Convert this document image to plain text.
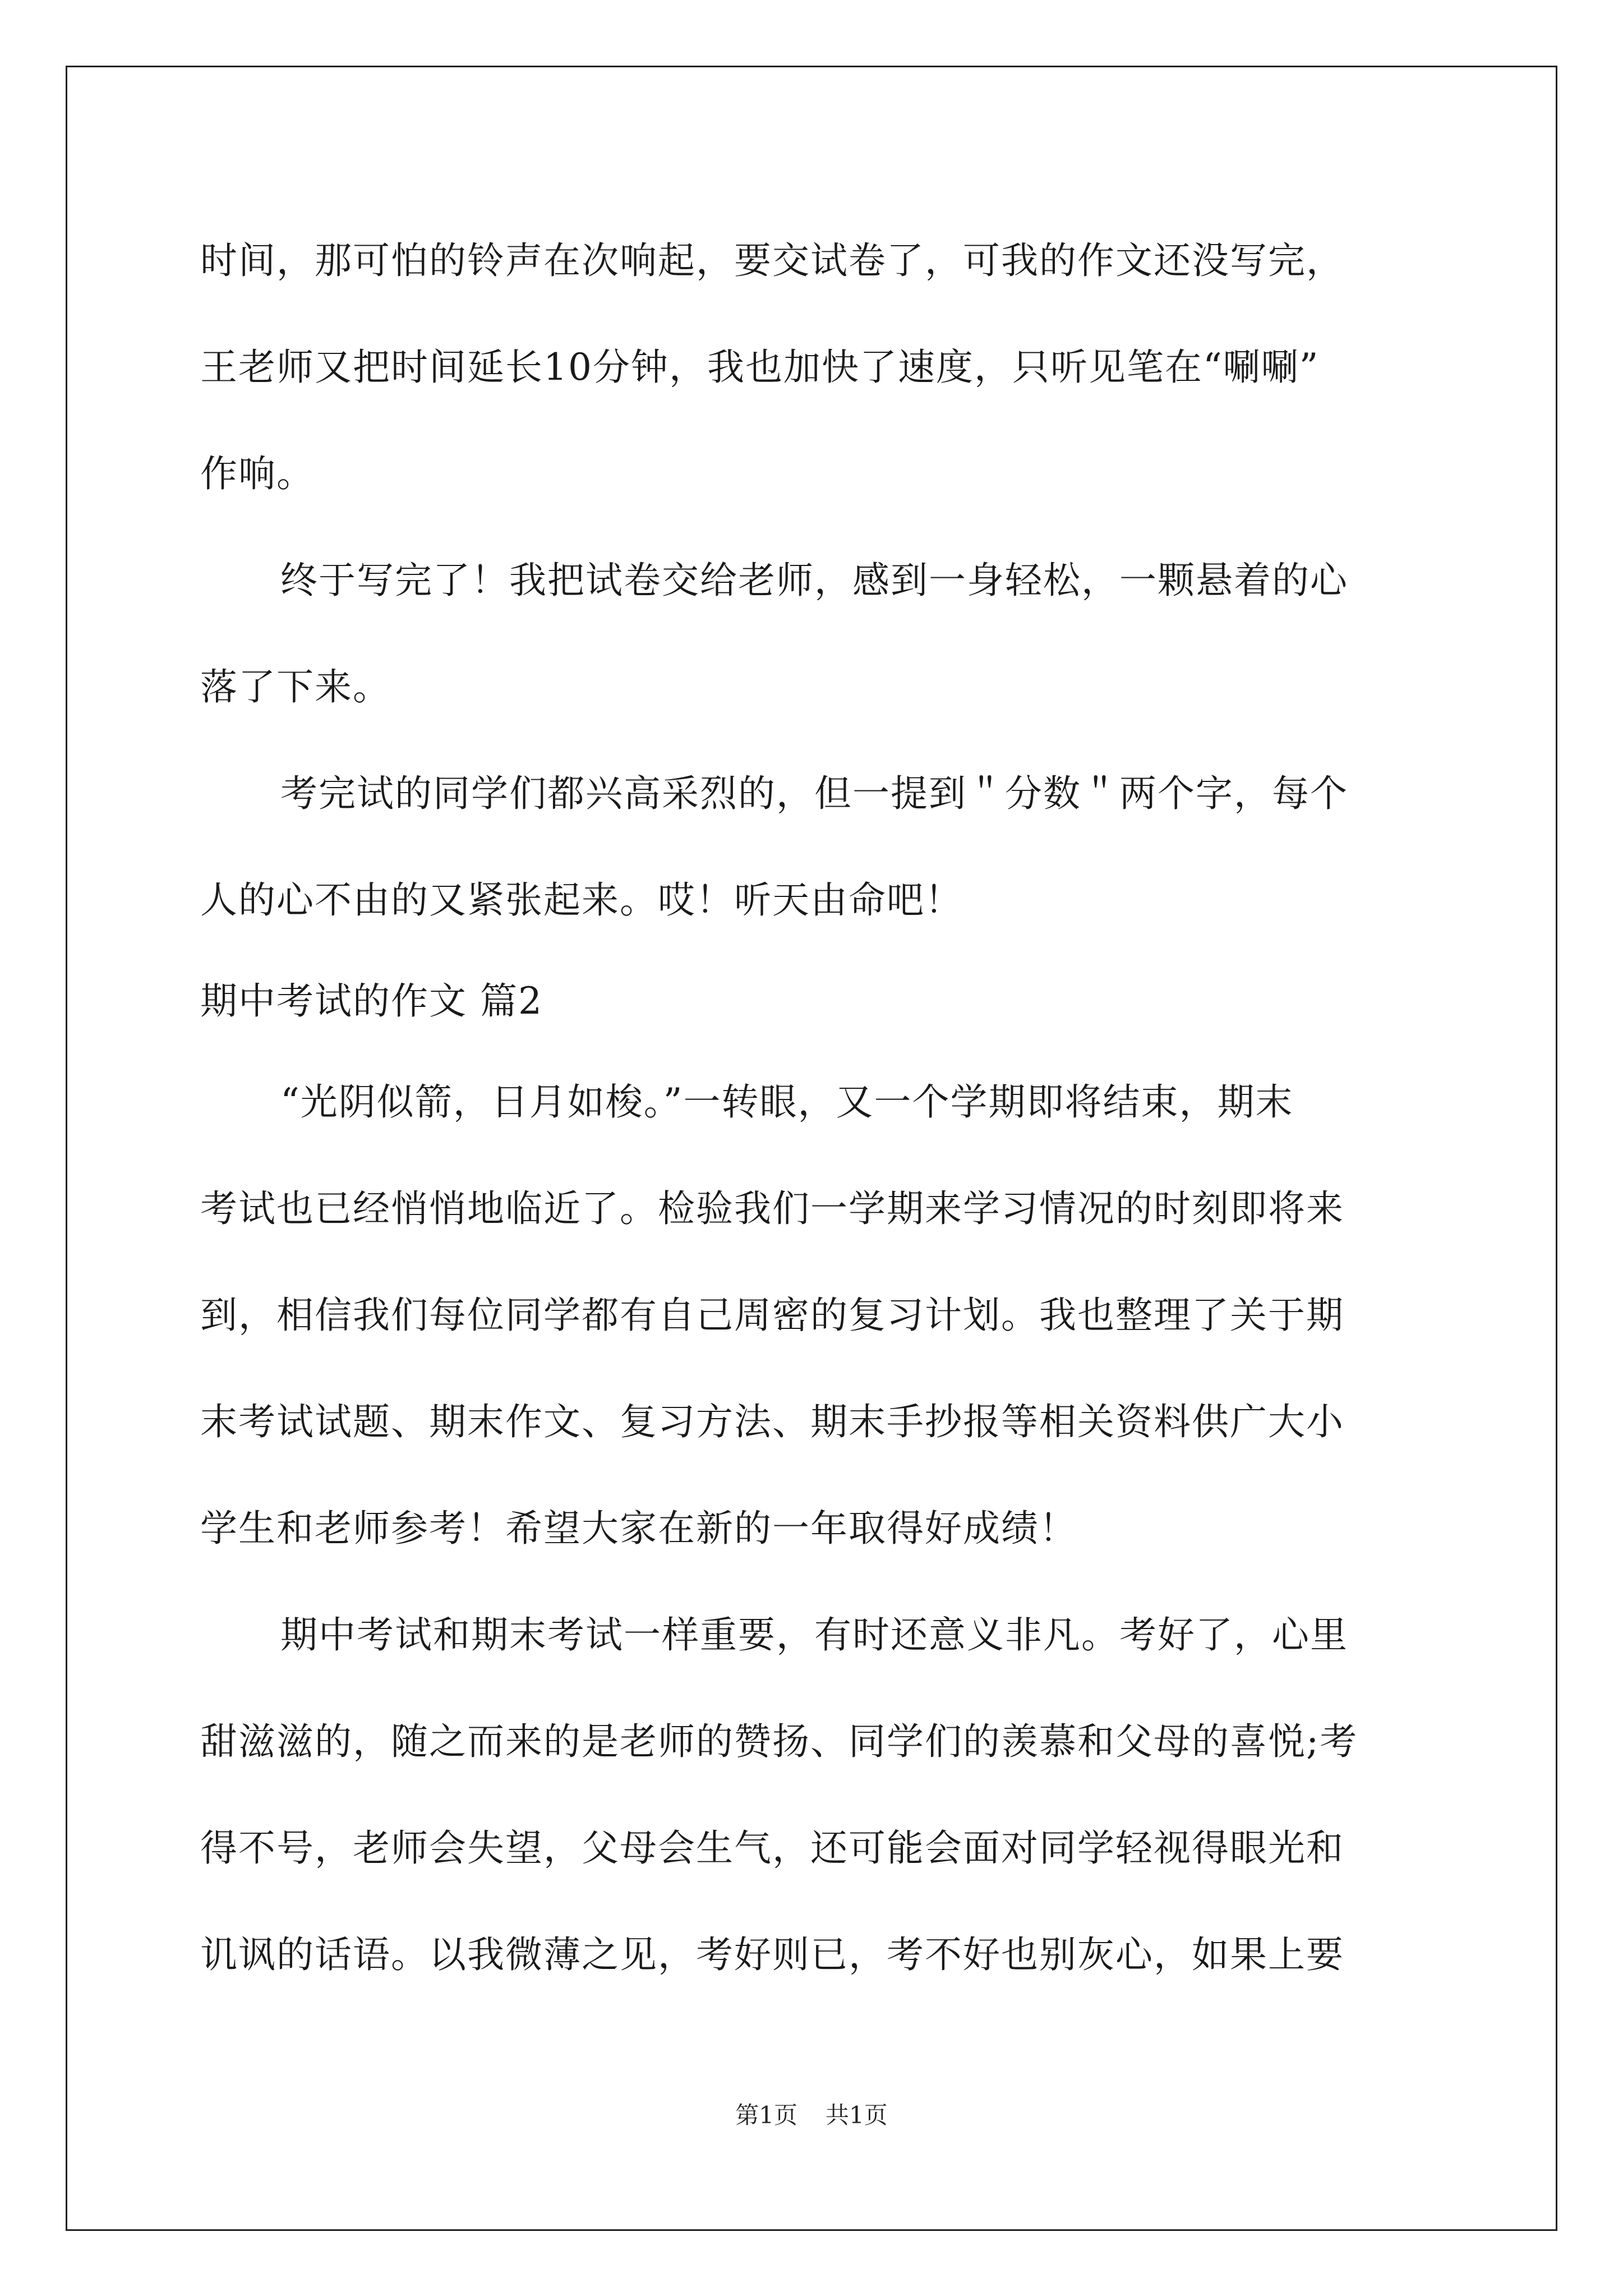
时间，那可怕的铃声在次响起，要交试卷了，可我的作文还没写完，
王老师又把时间延长10分钟，我也加快了速度，只听见笔在“唰唰”
作响。
终于写完了！我把试卷交给老师，感到一身轻松，一颗悬着的心
落了下来。
考完试的同学们都兴高采烈的，但一提到＂分数＂两个字，每个
人的心不由的又紧张起来。哎！听天由命吧！
期中考试的作文 篇2
“光阴似箭，日月如梭。”一转眼，又一个学期即将结束，期末
考试也已经悄悄地临近了。检验我们一学期来学习情况的时刻即将来
到，相信我们每位同学都有自己周密的复习计划。我也整理了关于期
末考试试题、期末作文、复习方法、期末手抄报等相关资料供广大小
学生和老师参考！希望大家在新的一年取得好成绩！
期中考试和期末考试一样重要，有时还意义非凡。考好了，心里
甜滋滋的，随之而来的是老师的赞扬、同学们的羡慕和父母的喜悦;考
得不号，老师会失望，父母会生气，还可能会面对同学轻视得眼光和
讥讽的话语。以我微薄之见，考好则已，考不好也别灰心，如果上要
第1页 共1页
